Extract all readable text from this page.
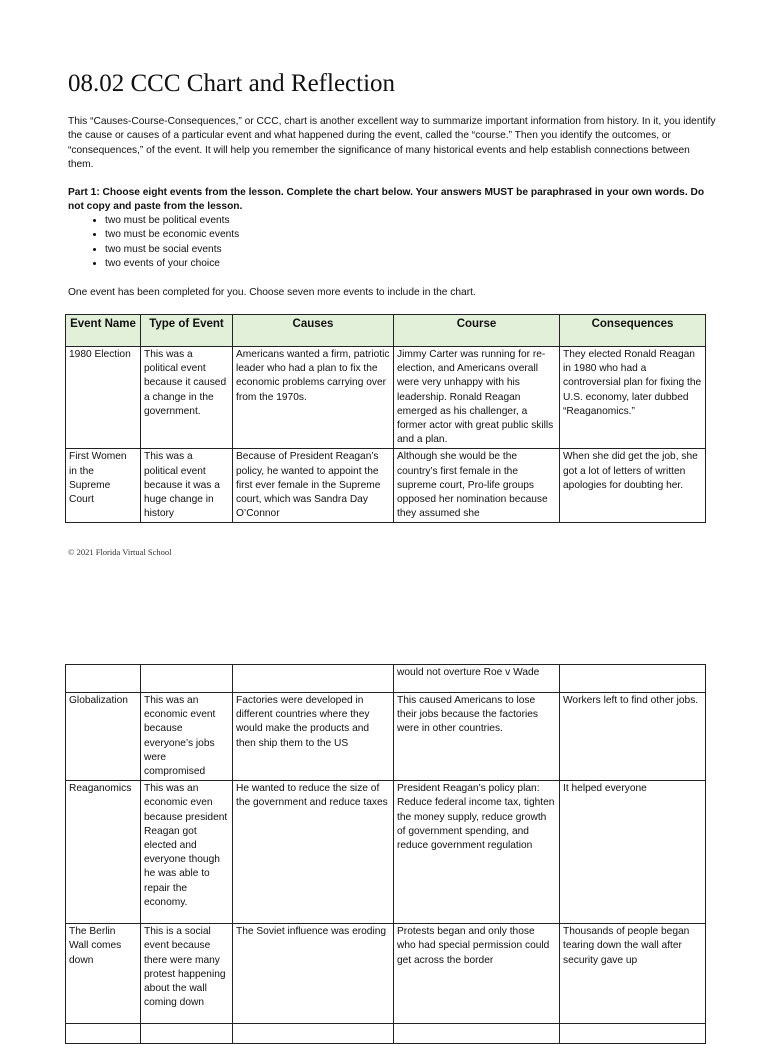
08.02 CCC Chart and Reflection

This “Causes-Course-Consequences,” or CCC, chart is another excellent way to summarize important information from history. In it, you identify the cause or causes of a particular event and what happened during the event, called the “course.” Then you identify the outcomes, or “consequences,” of the event. It will help you remember the significance of many historical events and help establish connections between them.

Part 1: Choose eight events from the lesson. Complete the chart below. Your answers MUST be paraphrased in your own words. Do not copy and paste from the lesson.

• two must be political events
• two must be economic events
• two must be social events
• two events of your choice

One event has been completed for you. Choose seven more events to include in the chart.

Event Name	Type of Event	Causes	Course	Consequences
1980 Election	This was a political event because it caused a change in the government.	Americans wanted a firm, patriotic leader who had a plan to fix the economic problems carrying over from the 1970s.	Jimmy Carter was running for re-election, and Americans overall were very unhappy with his leadership. Ronald Reagan emerged as his challenger, a former actor with great public skills and a plan.	They elected Ronald Reagan in 1980 who had a controversial plan for fixing the U.S. economy, later dubbed “Reaganomics.”
First Women in the Supreme Court	This was a political event because it was a huge change in history	Because of President Reagan’s policy, he wanted to appoint the first ever female in the Supreme court, which was Sandra Day O’Connor	Although she would be the country’s first female in the supreme court, Pro-life groups opposed her nomination because they assumed she	When she did get the job, she got a lot of letters of written apologies for doubting her.
© 2021 Florida Virtual School
			would not overture Roe v Wade	
Globalization	This was an economic event because everyone’s jobs were compromised	Factories were developed in different countries where they would make the products and then ship them to the US	This caused Americans to lose their jobs because the factories were in other countries.	Workers left to find other jobs.
Reaganomics	This was an economic even because president Reagan got elected and everyone though he was able to repair the economy.	He wanted to reduce the size of the government and reduce taxes	President Reagan’s policy plan: Reduce federal income tax, tighten the money supply, reduce growth of government spending, and reduce government regulation	It helped everyone
The Berlin Wall comes down	This is a social event because there were many protest happening about the wall coming down	The Soviet influence was eroding	Protests began and only those who had special permission could get across the border	Thousands of people began tearing down the wall after security gave up
